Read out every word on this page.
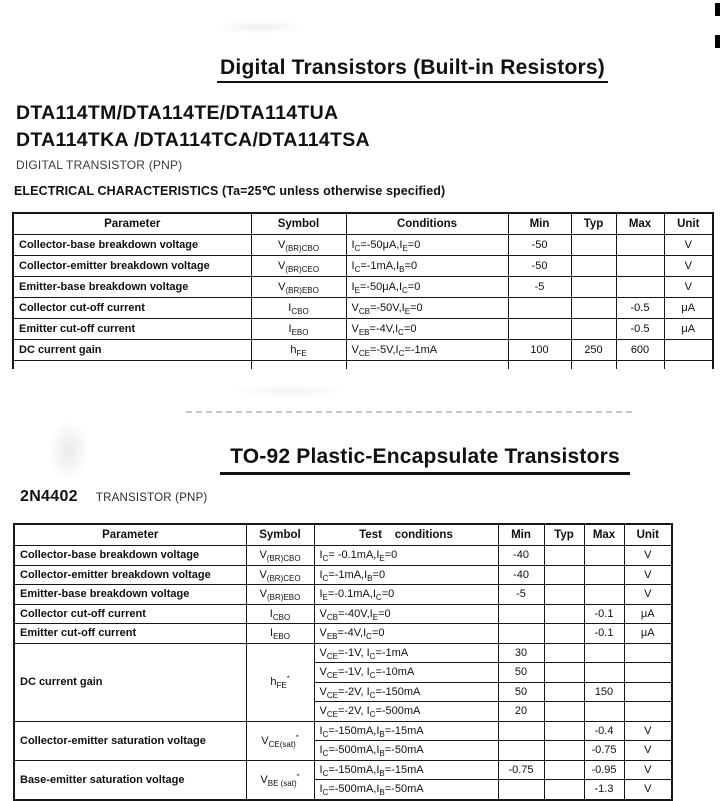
Digital Transistors (Built-in Resistors)
DTA114TM/DTA114TE/DTA114TUA
DTA114TKA /DTA114TCA/DTA114TSA
DIGITAL TRANSISTOR (PNP)
ELECTRICAL CHARACTERISTICS (Ta=25℃ unless otherwise specified)
Parameter	Symbol	Conditions	Min	Typ	Max	Unit
Collector-base breakdown voltage	$V_{(BR)CBO}$	$I_C=-50\mu A,I_E=0$	-50			V
Collector-emitter breakdown voltage	$V_{(BR)CEO}$	$I_C=-1mA,I_B=0$	-50			V
Emitter-base breakdown voltage	$V_{(BR)EBO}$	$I_E=-50\mu A,I_C=0$	-5			V
Collector cut-off current	$I_{CBO}$	$V_{CB}=-50V,I_E=0$			-0.5	μA
Emitter cut-off current	$I_{EBO}$	$V_{EB}=-4V,I_C=0$			-0.5	μA
DC current gain	$h_{FE}$	$V_{CE}=-5V,I_C=-1mA$	100	250	600	

TO-92 Plastic-Encapsulate Transistors
2N4402 TRANSISTOR (PNP)
Parameter	Symbol	Test    conditions	Min	Typ	Max	Unit
Collector-base breakdown voltage	$V_{(BR)CBO}$	$I_C= -0.1mA,I_E=0$	-40			V
Collector-emitter breakdown voltage	$V_{(BR)CEO}$	$I_C=-1mA,I_B=0$	-40			V
Emitter-base breakdown voltage	$V_{(BR)EBO}$	$I_E=-0.1mA,I_C=0$	-5			V
Collector cut-off current	$I_{CBO}$	$V_{CB}=-40V,I_E=0$			-0.1	μA
Emitter cut-off current	$I_{EBO}$	$V_{EB}=-4V,I_C=0$			-0.1	μA
DC current gain	$h_{FE}^*$	$V_{CE}=-1V$, $I_C=-1mA$	30			
		$V_{CE}=-1V$, $I_C=-10mA$	50			
		$V_{CE}=-2V$, $I_C=-150mA$	50		150	
		$V_{CE}=-2V$, $I_C=-500mA$	20			
Collector-emitter saturation voltage	$V_{CE(sat)}^*$	$I_C=-150mA,I_B=-15mA$			-0.4	V
		$I_C=-500mA,I_B=-50mA$			-0.75	V
Base-emitter saturation voltage	$V_{BE (sat)}^*$	$I_C=-150mA,I_B=-15mA$	-0.75		-0.95	V
		$I_C=-500mA,I_B=-50mA$			-1.3	V
